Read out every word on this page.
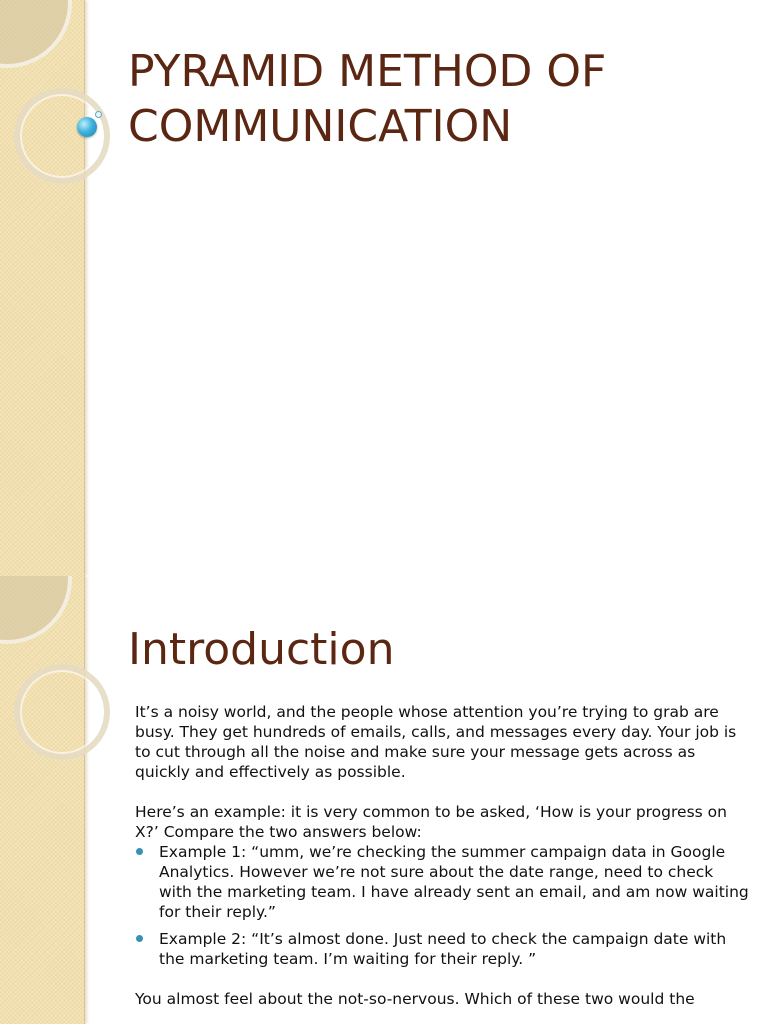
PYRAMID METHOD OF COMMUNICATION
Introduction

It’s a noisy world, and the people whose attention you’re trying to grab are busy. They get hundreds of emails, calls, and messages every day. Your job is to cut through all the noise and make sure your message gets across as quickly and effectively as possible.

Here’s an example: it is very common to be asked, ‘How is your progress on X?’ Compare the two answers below:

Example 1: “umm, we’re checking the summer campaign data in Google Analytics. However we’re not sure about the date range, need to check with the marketing team. I have already sent an email, and am now waiting for their reply.”
Example 2: “It’s almost done. Just need to check the campaign date with the marketing team. I’m waiting for their reply. ”

You almost feel about the not-so-nervous. Which of these two would the
